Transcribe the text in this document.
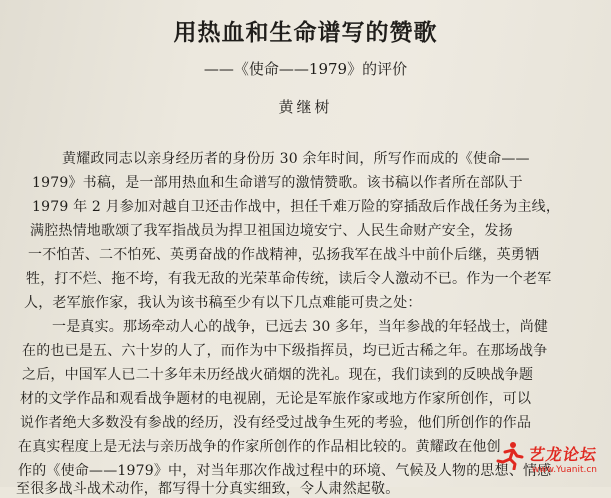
用热血和生命谱写的赞歌
——《使命——1979》的评价
黄继树
黄耀政同志以亲身经历者的身份历 30 余年时间，所写作而成的《使命——
1979》书稿，是一部用热血和生命谱写的激情赞歌。该书稿以作者所在部队于
1979 年 2 月参加对越自卫还击作战中，担任千难万险的穿插敌后作战任务为主线，
满腔热情地歌颂了我军指战员为捍卫祖国边境安宁、人民生命财产安全，发扬
一不怕苦、二不怕死、英勇奋战的作战精神，弘扬我军在战斗中前仆后继，英勇牺
牲，打不烂、拖不垮，有我无敌的光荣革命传统，读后令人激动不已。作为一个老军
人，老军旅作家，我认为该书稿至少有以下几点难能可贵之处：
一是真实。那场牵动人心的战争，已远去 30 多年，当年参战的年轻战士，尚健
在的也已是五、六十岁的人了，而作为中下级指挥员，均已近古稀之年。在那场战争
之后，中国军人已二十多年未历经战火硝烟的洗礼。现在，我们读到的反映战争题
材的文学作品和观看战争题材的电视剧，无论是军旅作家或地方作家所创作，可以
说作者绝大多数没有参战的经历，没有经受过战争生死的考验，他们所创作的作品
在真实程度上是无法与亲历战争的作家所创作的作品相比较的。黄耀政在他创
作的《使命——1979》中，对当年那次作战过程中的环境、气候及人物的思想、情感
至很多战斗战术动作，都写得十分真实细致，令人肃然起敬。
艺龙论坛
www.Yuanit.cn
